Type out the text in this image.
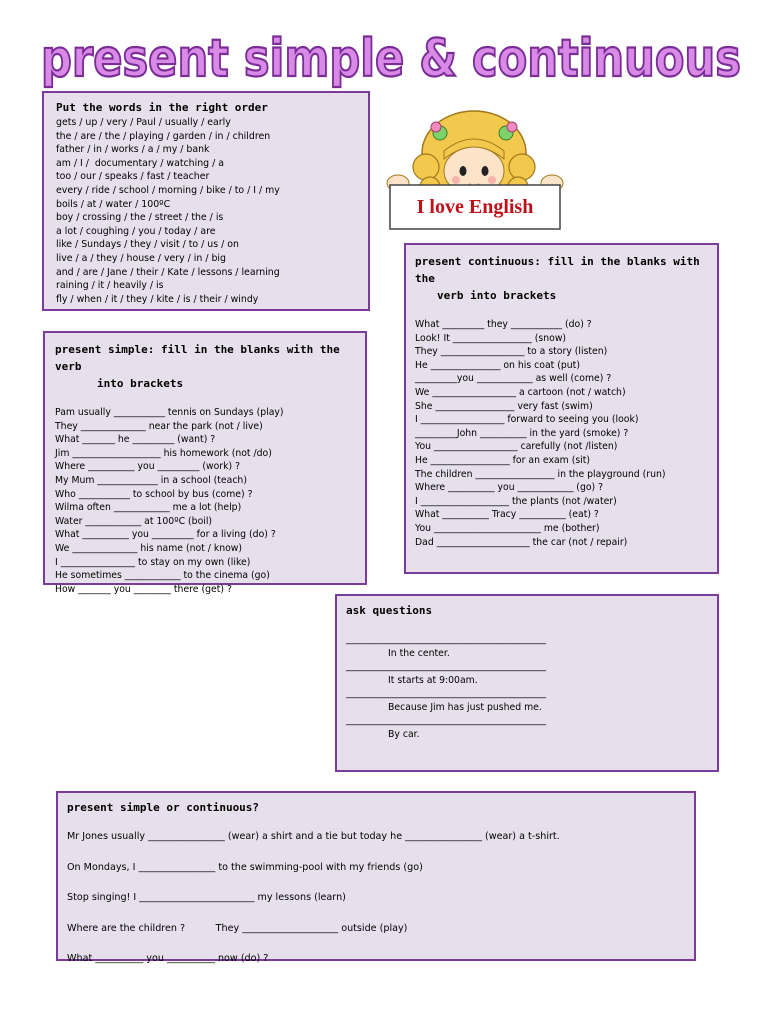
present simple & continuous
Put the words in the right order
gets / up / very / Paul / usually / early
the / are / the / playing / garden / in / children
father / in / works / a / my / bank
am / I /  documentary / watching / a
too / our / speaks / fast / teacher
every / ride / school / morning / bike / to / I / my
boils / at / water / 100ºC
boy / crossing / the / street / the / is
a lot / coughing / you / today / are
like / Sundays / they / visit / to / us / on
live / a / they / house / very / in / big
and / are / Jane / their / Kate / lessons / learning
raining / it / heavily / is
fly / when / it / they / kite / is / their / windy
I love English
present simple: fill in the blanks with the verb
into brackets
Pam usually ___________ tennis on Sundays (play)
They ______________ near the park (not / live)
What _______ he _________ (want) ?
Jim ___________________ his homework (not /do)
Where __________ you _________ (work) ?
My Mum _____________ in a school (teach)
Who ___________ to school by bus (come) ?
Wilma often ____________ me a lot (help)
Water ____________ at 100ºC (boil)
What __________ you _________ for a living (do) ?
We ______________ his name (not / know)
I ________________ to stay on my own (like)
He sometimes ____________ to the cinema (go)
How _______ you ________ there (get) ?
present continuous: fill in the blanks with the
verb into brackets
What _________ they ___________ (do) ?
Look! It _________________ (snow)
They __________________ to a story (listen)
He _______________ on his coat (put)
_________you ____________ as well (come) ?
We __________________ a cartoon (not / watch)
She _________________ very fast (swim)
I __________________ forward to seeing you (look)
_________John __________ in the yard (smoke) ?
You __________________ carefully (not /listen)
He _________________ for an exam (sit)
The children _________________ in the playground (run)
Where __________ you ____________ (go) ?
I ___________________ the plants (not /water)
What __________ Tracy __________ (eat) ?
You _______________________ me (bother)
Dad ____________________ the car (not / repair)
ask questions
___________________________________________
In the center.
___________________________________________
It starts at 9:00am.
___________________________________________
Because Jim has just pushed me.
___________________________________________
By car.
present simple or continuous?
Mr Jones usually ________________ (wear) a shirt and a tie but today he ________________ (wear) a t-shirt.
On Mondays, I ________________ to the swimming-pool with my friends (go)
Stop singing! I ________________________ my lessons (learn)
Where are the children ?          They ____________________ outside (play)
What __________ you __________ now (do) ?
